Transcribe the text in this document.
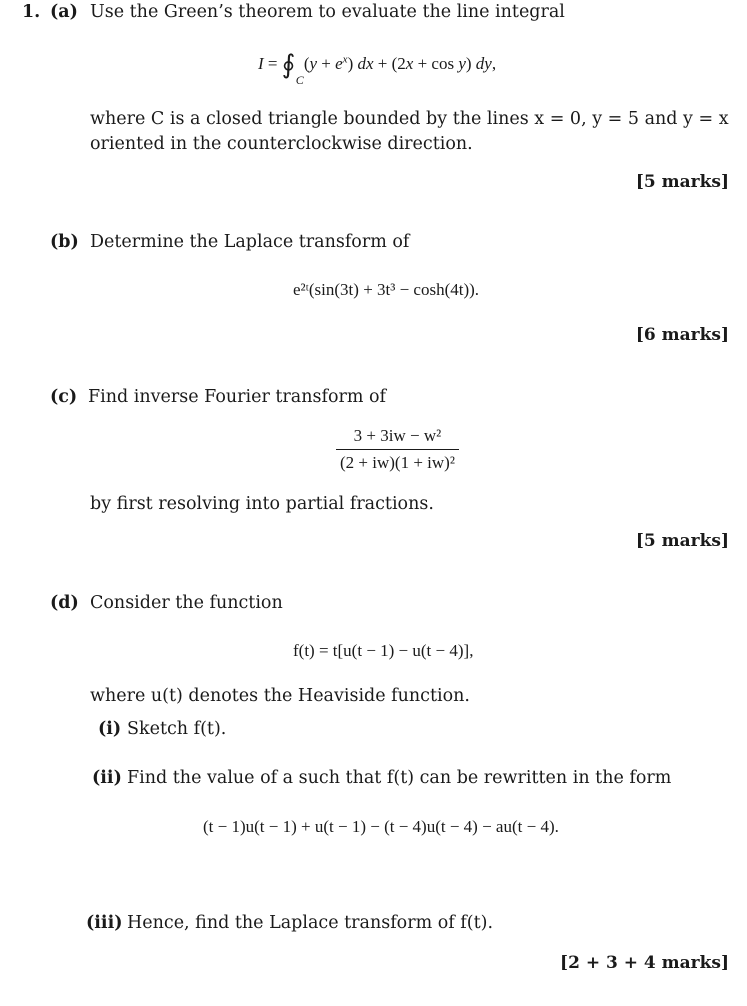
1. (a) Use the Green’s theorem to evaluate the line integral
I = ∮
C
$(y + e^x)$ dx + (2x + cos y) dy,
where C is a closed triangle bounded by the lines x = 0, y = 5 and y = x
oriented in the counterclockwise direction.
[5 marks]
(b) Determine the Laplace transform of
e²ᵗ(sin(3t) + 3t³ − cosh(4t)).
[6 marks]
(c) Find inverse Fourier transform of
$\frac{\text{3 + 3iw − w²}}{\text{(2 + iw)(1 + iw)²}}$
by first resolving into partial fractions.
[5 marks]
(d) Consider the function
f(t) = t[u(t − 1) − u(t − 4)],
where u(t) denotes the Heaviside function.
(i) Sketch f(t).
(ii) Find the value of a such that f(t) can be rewritten in the form
(t − 1)u(t − 1) + u(t − 1) − (t − 4)u(t − 4) − au(t − 4).
(iii) Hence, find the Laplace transform of f(t).
[2 + 3 + 4 marks]
